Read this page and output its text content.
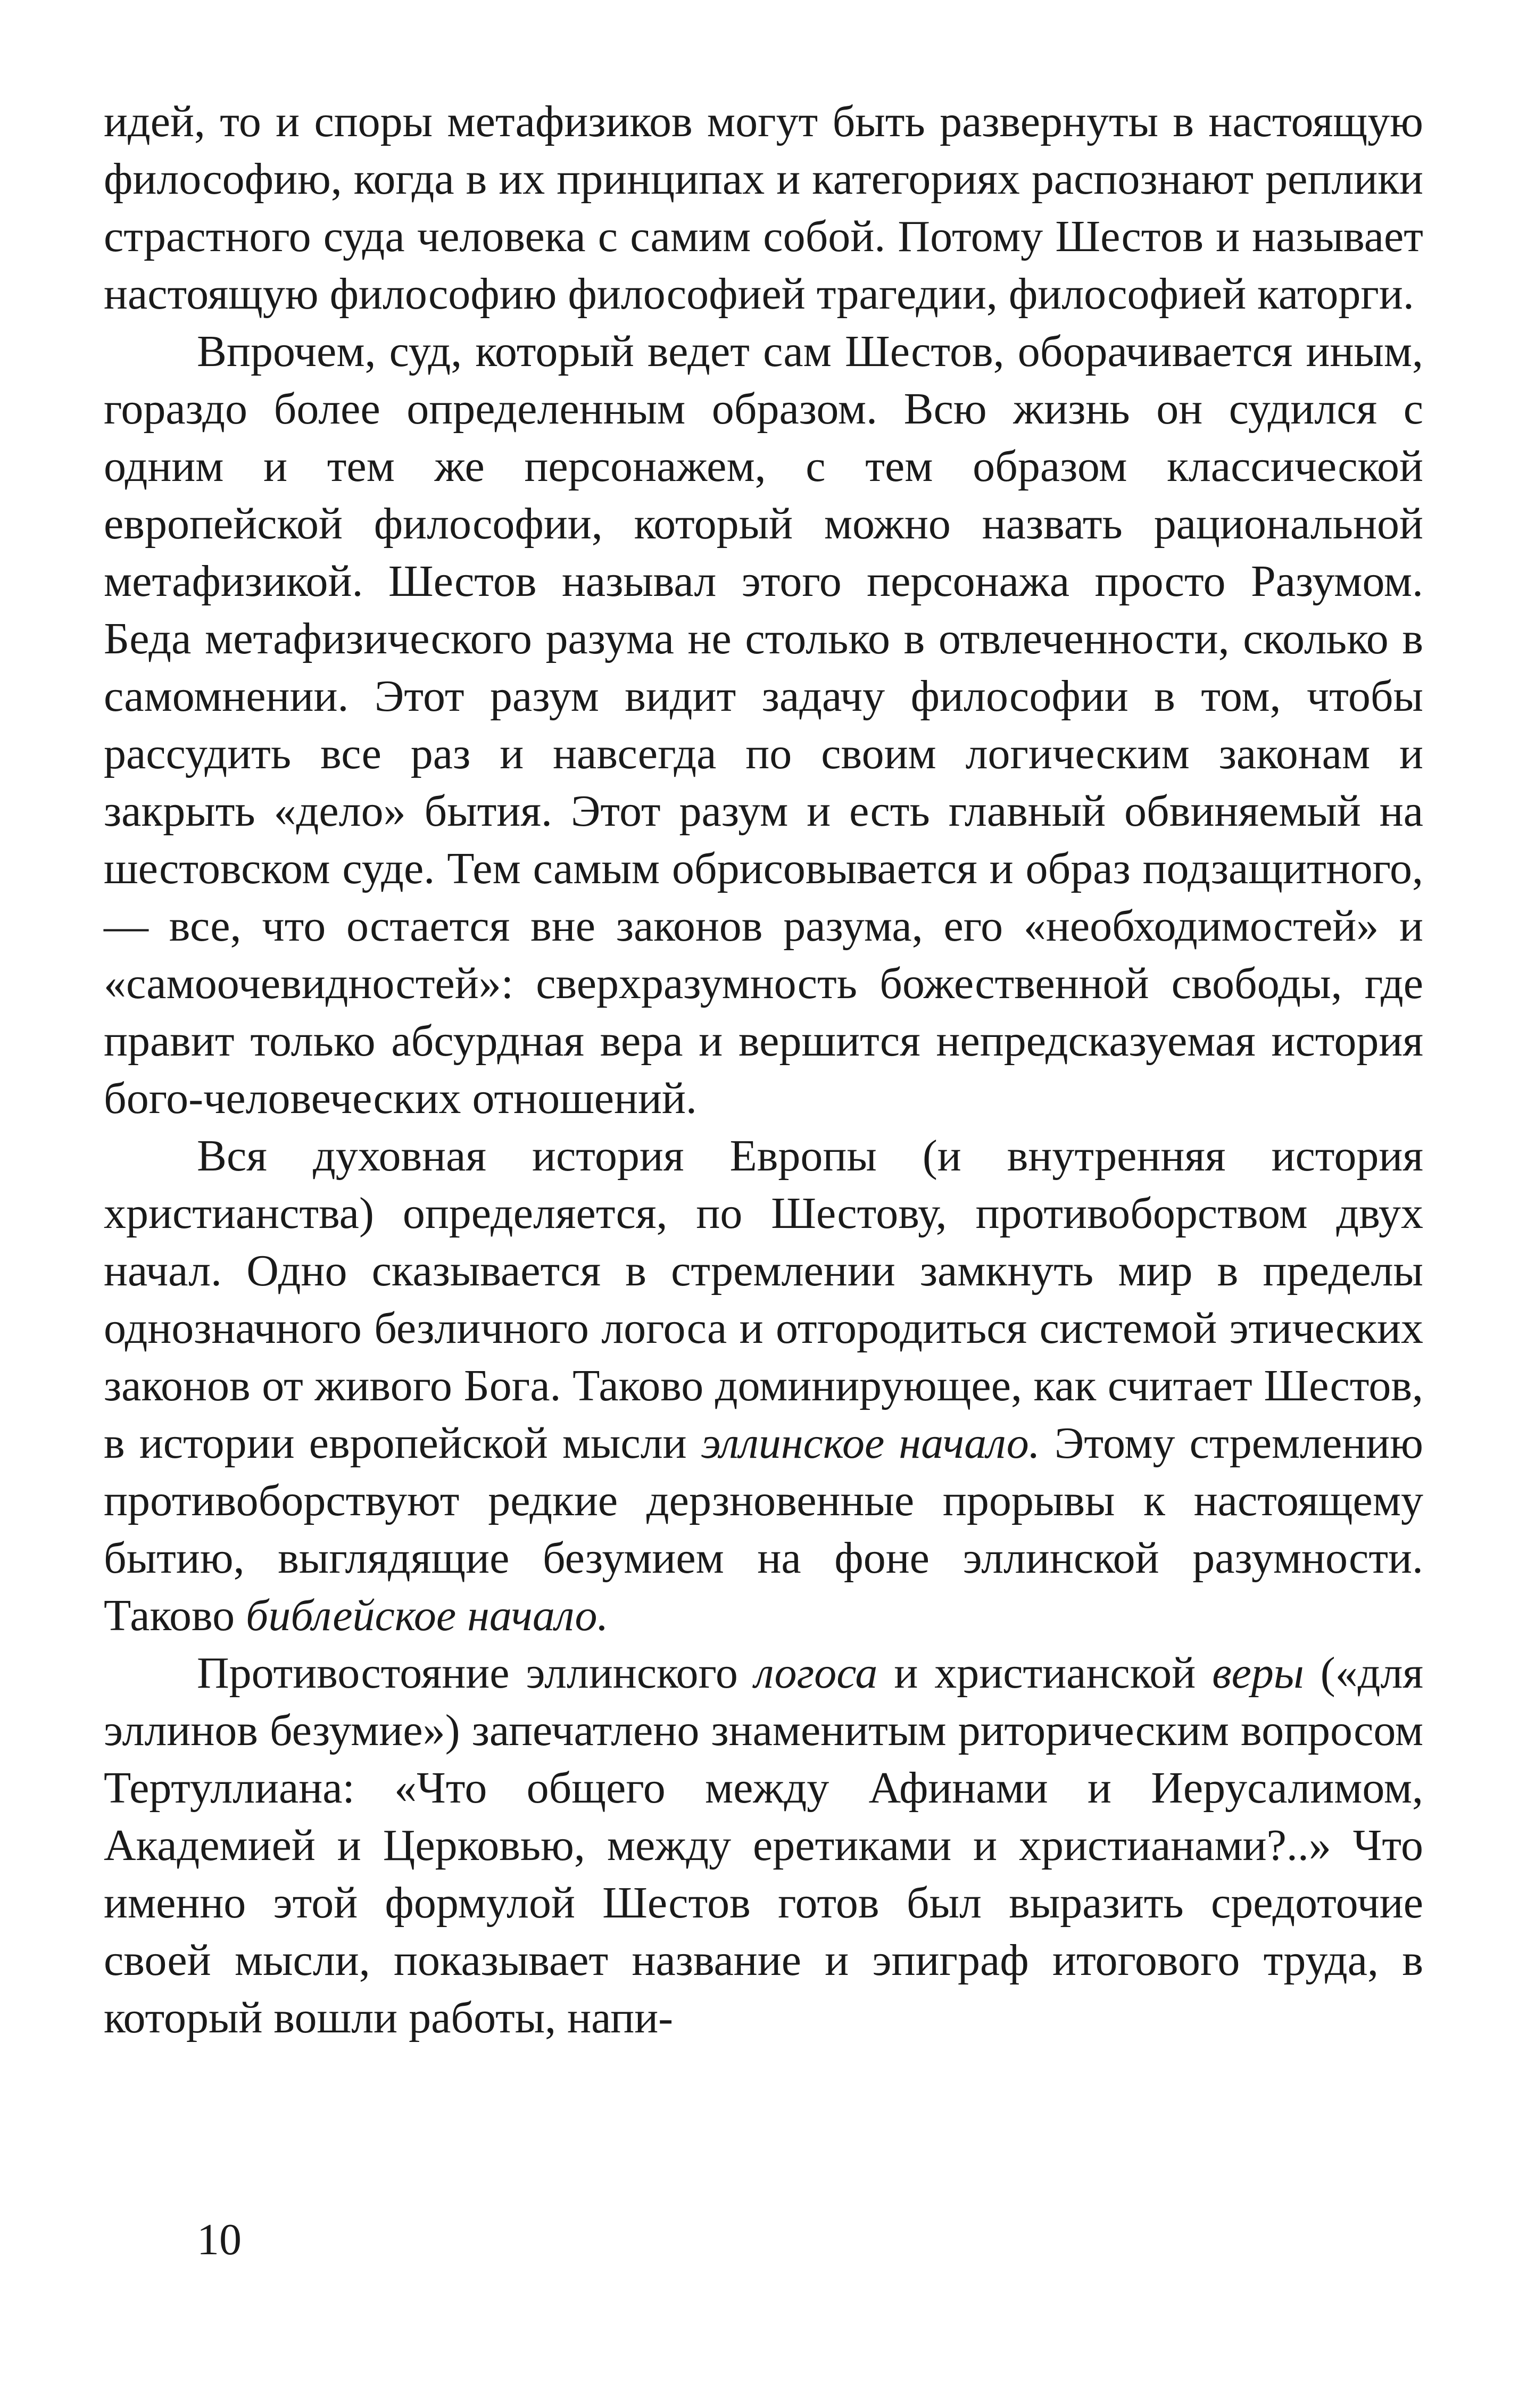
идей, то и споры метафизиков могут быть развернуты в настоящую философию, когда в их принципах и категориях распознают реплики страстного суда человека с самим собой. Потому Шестов и называет настоящую философию философией трагедии, философией каторги.

Впрочем, суд, который ведет сам Шестов, оборачивается иным, гораздо более определенным образом. Всю жизнь он судился с одним и тем же персонажем, с тем образом классической европейской философии, который можно назвать рациональной метафизикой. Шестов называл этого персонажа просто Разумом. Беда метафизического разума не столько в отвлеченности, сколько в самомнении. Этот разум видит задачу философии в том, чтобы рассудить все раз и навсегда по своим логическим законам и закрыть «дело» бытия. Этот разум и есть главный обвиняемый на шестовском суде. Тем самым обрисовывается и образ подзащитного, — все, что остается вне законов разума, его «необходимостей» и «самоочевидностей»: сверхразумность божественной свободы, где правит только абсурдная вера и вершится непредсказуемая история бого-человеческих отношений.

Вся духовная история Европы (и внутренняя история христианства) определяется, по Шестову, противоборством двух начал. Одно сказывается в стремлении замкнуть мир в пределы однозначного безличного логоса и отгородиться системой этических законов от живого Бога. Таково доминирующее, как считает Шестов, в истории европейской мысли эллинское начало. Этому стремлению противоборствуют редкие дерзновенные прорывы к настоящему бытию, выглядящие безумием на фоне эллинской разумности. Таково библейское начало.

Противостояние эллинского логоса и христианской веры («для эллинов безумие») запечатлено знаменитым риторическим вопросом Тертуллиана: «Что общего между Афинами и Иерусалимом, Академией и Церковью, между еретиками и христианами?..» Что именно этой формулой Шестов готов был выразить средоточие своей мысли, показывает название и эпиграф итогового труда, в который вошли работы, напи-

10
